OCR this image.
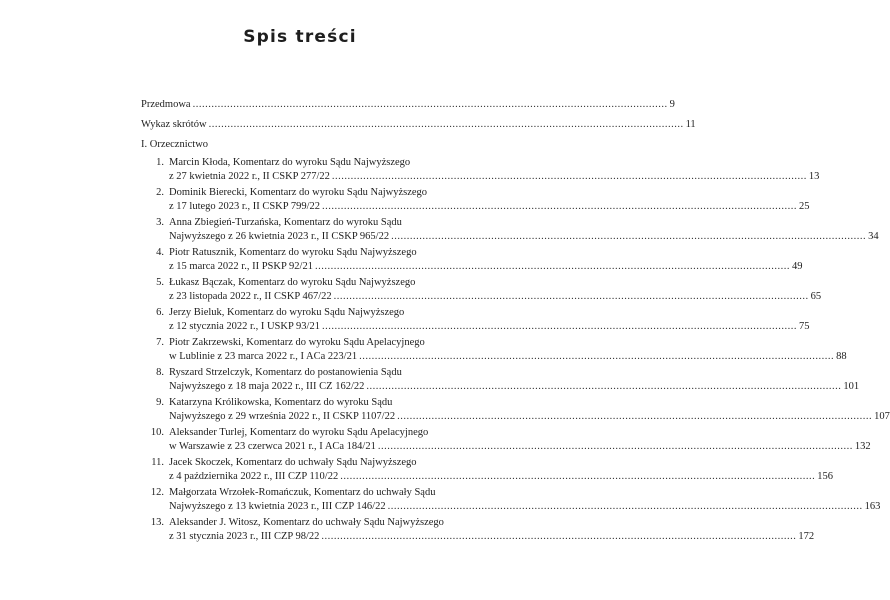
Spis treści
Przedmowa ........................................................................................................................................................ 9
Wykaz skrótów ........................................................................................................................................................ 11
I. Orzecznictwo
1. Marcin Kłoda, Komentarz do wyroku Sądu Najwyższego
z 27 kwietnia 2022 r., II CSKP 277/22 ........................................................................................................................................................ 13
2. Dominik Bierecki, Komentarz do wyroku Sądu Najwyższego
z 17 lutego 2023 r., II CSKP 799/22 ........................................................................................................................................................ 25
3. Anna Zbiegień-Turzańska, Komentarz do wyroku Sądu
Najwyższego z 26 kwietnia 2023 r., II CSKP 965/22 ........................................................................................................................................................ 34
4. Piotr Ratusznik, Komentarz do wyroku Sądu Najwyższego
z 15 marca 2022 r., II PSKP 92/21 ........................................................................................................................................................ 49
5. Łukasz Bączak, Komentarz do wyroku Sądu Najwyższego
z 23 listopada 2022 r., II CSKP 467/22 ........................................................................................................................................................ 65
6. Jerzy Bieluk, Komentarz do wyroku Sądu Najwyższego
z 12 stycznia 2022 r., I USKP 93/21 ........................................................................................................................................................ 75
7. Piotr Zakrzewski, Komentarz do wyroku Sądu Apelacyjnego
w Lublinie z 23 marca 2022 r., I ACa 223/21 ........................................................................................................................................................ 88
8. Ryszard Strzelczyk, Komentarz do postanowienia Sądu
Najwyższego z 18 maja 2022 r., III CZ 162/22 ........................................................................................................................................................ 101
9. Katarzyna Królikowska, Komentarz do wyroku Sądu
Najwyższego z 29 września 2022 r., II CSKP 1107/22 ........................................................................................................................................................ 107
10. Aleksander Turlej, Komentarz do wyroku Sądu Apelacyjnego
w Warszawie z 23 czerwca 2021 r., I ACa 184/21 ........................................................................................................................................................ 132
11. Jacek Skoczek, Komentarz do uchwały Sądu Najwyższego
z 4 października 2022 r., III CZP 110/22 ........................................................................................................................................................ 156
12. Małgorzata Wrzołek-Romańczuk, Komentarz do uchwały Sądu
Najwyższego z 13 kwietnia 2023 r., III CZP 146/22 ........................................................................................................................................................ 163
13. Aleksander J. Witosz, Komentarz do uchwały Sądu Najwyższego
z 31 stycznia 2023 r., III CZP 98/22 ........................................................................................................................................................ 172
